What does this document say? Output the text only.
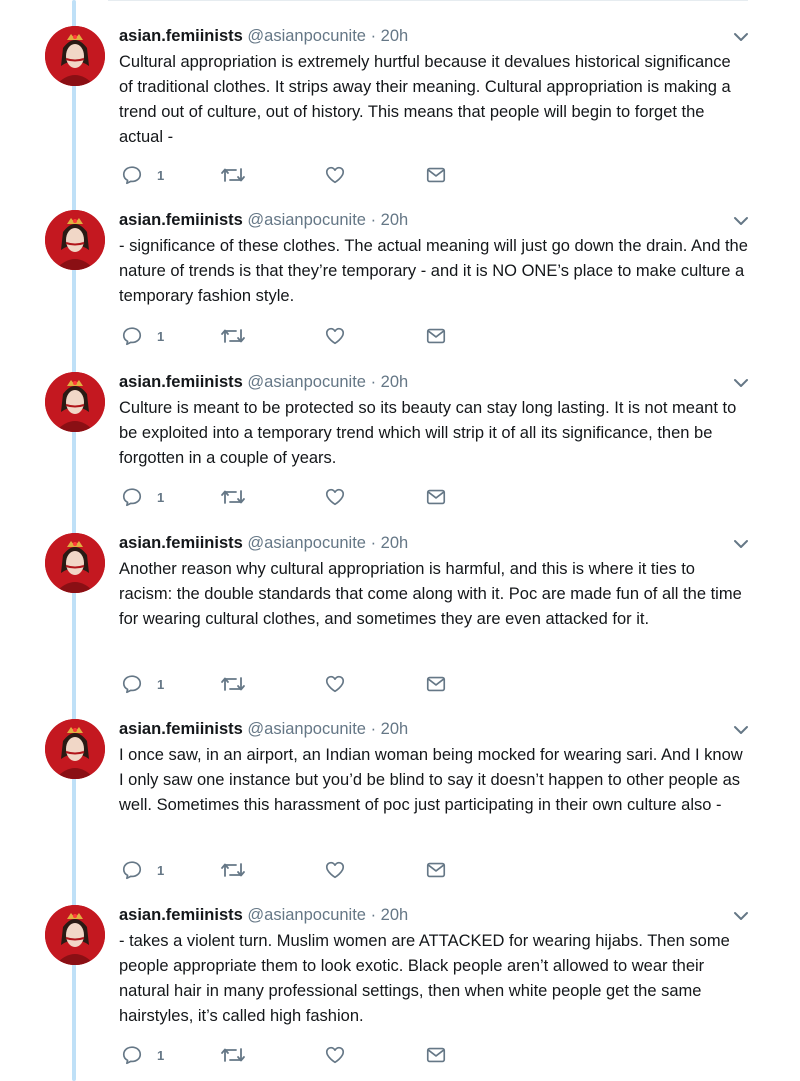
asian.femiinists @asianpocunite · 20h
Cultural appropriation is extremely hurtful because it devalues historical significance of traditional clothes. It strips away their meaning. Cultural appropriation is making a trend out of culture, out of history. This means that people will begin to forget the actual -
1
asian.femiinists @asianpocunite · 20h
- significance of these clothes. The actual meaning will just go down the drain. And the nature of trends is that they’re temporary - and it is NO ONE’s place to make culture a temporary fashion style.
1
asian.femiinists @asianpocunite · 20h
Culture is meant to be protected so its beauty can stay long lasting. It is not meant to be exploited into a temporary trend which will strip it of all its significance, then be forgotten in a couple of years.
1
asian.femiinists @asianpocunite · 20h
Another reason why cultural appropriation is harmful, and this is where it ties to racism: the double standards that come along with it. Poc are made fun of all the time for wearing cultural clothes, and sometimes they are even attacked for it.
1
asian.femiinists @asianpocunite · 20h
I once saw, in an airport, an Indian woman being mocked for wearing sari. And I know I only saw one instance but you’d be blind to say it doesn’t happen to other people as well. Sometimes this harassment of poc just participating in their own culture also -
1
asian.femiinists @asianpocunite · 20h
- takes a violent turn. Muslim women are ATTACKED for wearing hijabs. Then some people appropriate them to look exotic. Black people aren’t allowed to wear their natural hair in many professional settings, then when white people get the same hairstyles, it’s called high fashion.
1
